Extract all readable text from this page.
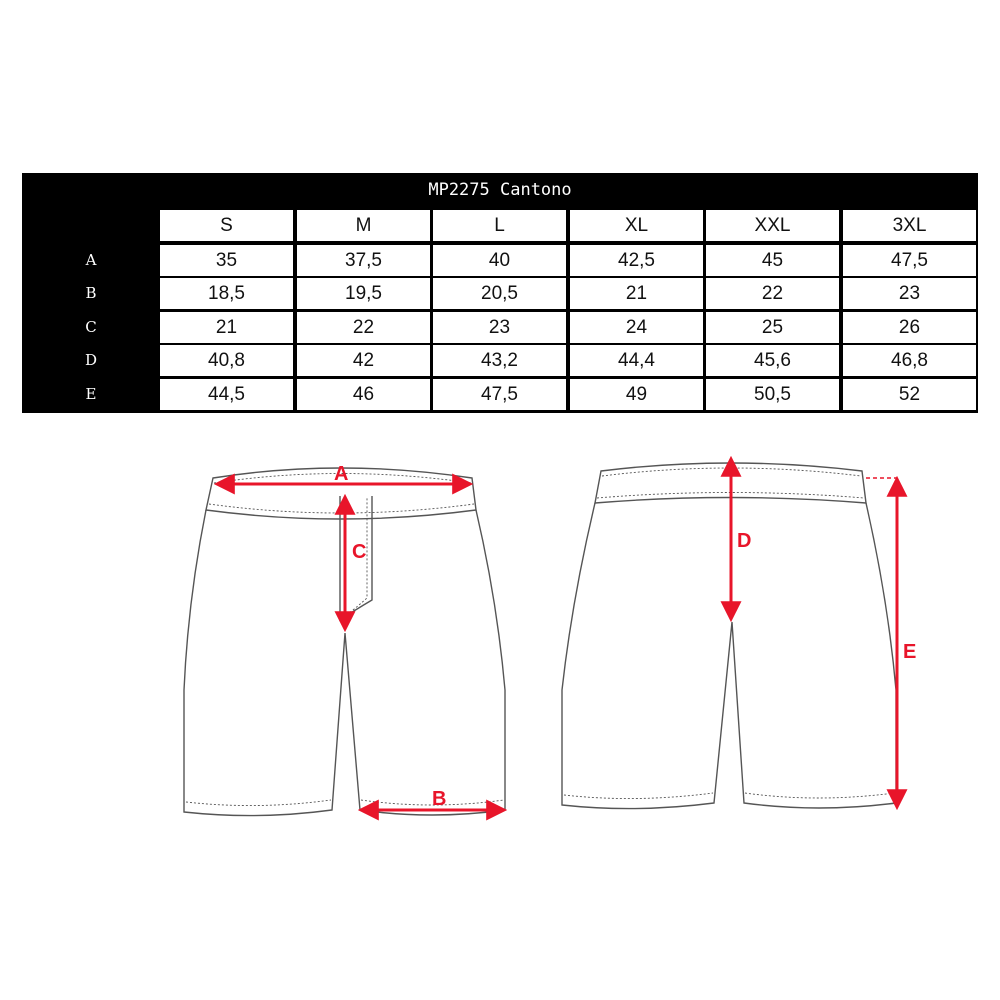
MP2275 Cantono
S	M	L	XL	XXL	3XL
A	35	37,5	40	42,5	45	47,5
B	18,5	19,5	20,5	21	22	23
C	21	22	23	24	25	26
D	40,8	42	43,2	44,4	45,6	46,8
E	44,5	46	47,5	49	50,5	52
A
B
C	D
E
